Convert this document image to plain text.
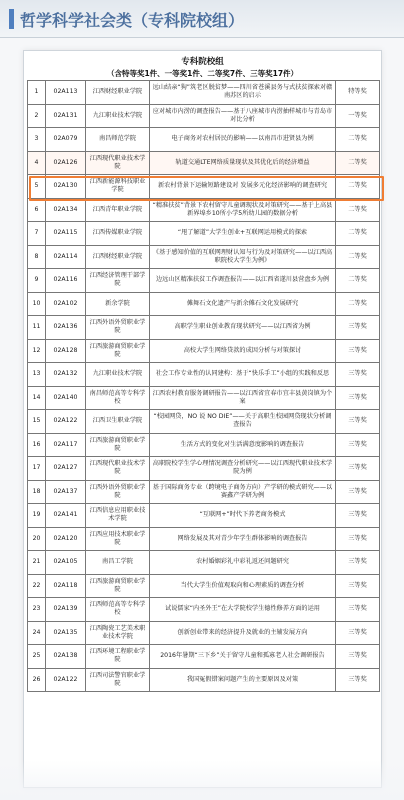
哲学科学社会类（专科院校组）
专科院校组
（含特等奖1件、一等奖1件、二等奖7件、三等奖17件）
1	02A113	江西财经职业学院	远山结亲“狗”筑老区脱贫梦——四川省苍溪县务与式扶贫探索对赣南苏区的启示	特等奖
2	02A131	九江职业技术学院	应对城市内涝的调查报告——基于八座城市内涝抽样城市与青岛市 对比分析	一等奖
3	02A079	南昌师范学院	电子商务对农村居民的影响——以南昌市进贤县为例	二等奖
4	02A126	江西现代职业技术学院	轨道交通LTE网络质量现状及其优化后的经济增益	二等奖
5	02A130	江西新能源科技职业学院	新农村背景下运输短路建设对 发展多元化经济影响的调查研究	二等奖
6	02A134	江西青年职业学院	“精准扶贫”背景下农村留守儿童调现状及对策研究——基于上高县新界埠乡10所小学5所幼儿园的数据分析	二等奖
7	02A115	江西传媒职业学院	“甩了解道”大学生创业+互联网运用模式的探索	二等奖
8	02A114	江西财经职业学院	《基于感知价值的互联网理财认知与行为及对策研究——以江西高职院校大学生为例》	二等奖
9	02A116	江西经济管理干部学院	边远山区精准扶贫工作调查报告——以江西省遂川县营盘乡为例	二等奖
10	02A102	新余学院	傩舞石文化遗产与新余傩石文化发展研究	二等奖
11	02A136	江西外语外贸职业学院	高职学生职业创业教育现状研究——以江西省为例	三等奖
12	02A128	江西旅游商贸职业学院	高校大学生网络贷款的成因分析与对策探讨	三等奖
13	02A132	九江职业技术学院	社会工作专业性的认同建构：基于“快乐手工”小组的实践和反思	三等奖
14	02A140	南昌师范高等专科学校	江西农村教育服务调研报告——以江西省宜春市宜丰县黄岗镇为个案	三等奖
15	02A122	江西卫生职业学院	“校园网贷，NO 说 NO DIE”——关于高职生校园网贷现状分析调查报告	三等奖
16	02A117	江西旅游商贸职业学院	生活方式的变化对生活满意度影响的调查报告	三等奖
17	02A127	江西现代职业技术学院	高职院校学生学心理情况调查分析研究——以江西现代职业技术学院为例	三等奖
18	02A137	江西外语外贸职业学院	基于国际商务专业（跨境电子商务方向）产学研的模式研究——以赛鑫产学研为例	三等奖
19	02A141	江西信息应用职业技术学院	“互联网+”时代下养老商务模式	三等奖
20	02A120	江西应用技术职业学院	网络发展及其对青少年学生群体影响的调查报告	三等奖
21	02A105	南昌工学院	农村婚姻彩礼中彩礼返还问题研究	三等奖
22	02A118	江西旅游商贸职业学院	当代大学生价值观取向和心理素质的调查分析	三等奖
23	02A139	江西师范高等专科学校	试说儒家“内圣外王”在大学院校学生德性修养方面的运用	三等奖
24	02A135	江西陶瓷工艺美术职业技术学院	创新创业带来的经济提升及就业的主辅发展方向	三等奖
25	02A138	江西环境工程职业学院	2016年暑期“三下乡”关于留守儿童和孤寡老人社会调研报告	三等奖
26	02A122	江西司法警官职业学院	我国冤假错案问题产生的主要原因及对策	三等奖
